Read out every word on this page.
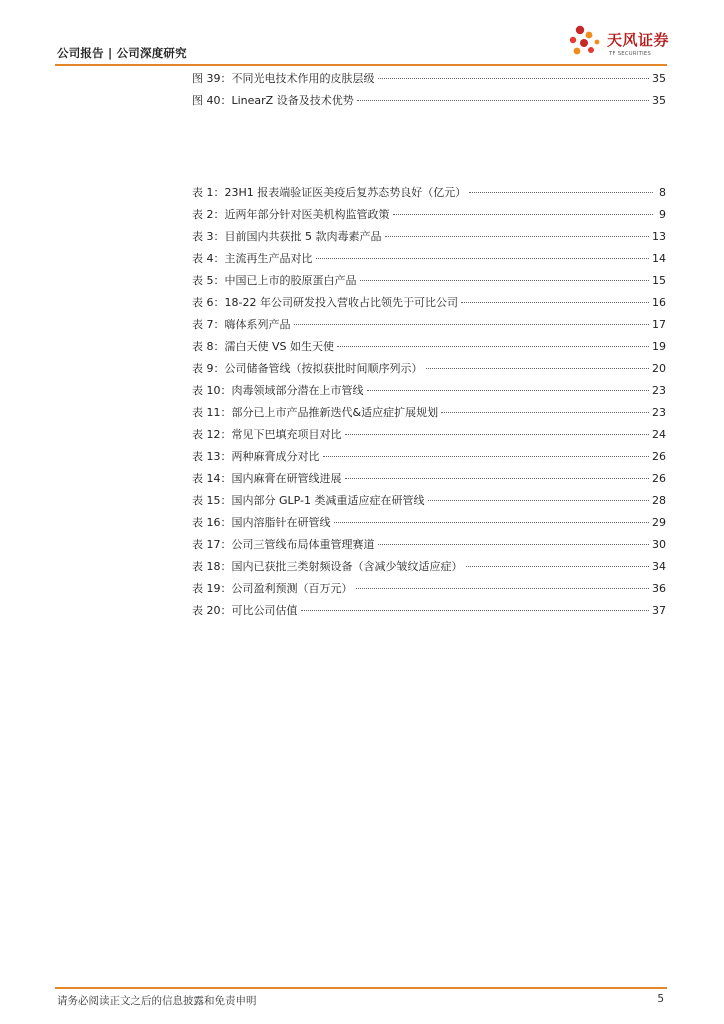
公司报告 | 公司深度研究
天风证券
TF SECURITIES
图 39：不同光电技术作用的皮肤层级	35
图 40：LinearZ 设备及技术优势	35
表 1：23H1 报表端验证医美疫后复苏态势良好（亿元）	8
表 2：近两年部分针对医美机构监管政策	9
表 3：目前国内共获批 5 款肉毒素产品	13
表 4：主流再生产品对比	14
表 5：中国已上市的胶原蛋白产品	15
表 6：18-22 年公司研发投入营收占比领先于可比公司	16
表 7：嗨体系列产品	17
表 8：濡白天使 VS 如生天使	19
表 9：公司储备管线（按拟获批时间顺序列示）	20
表 10：肉毒领域部分潜在上市管线	23
表 11：部分已上市产品推新迭代&适应症扩展规划	23
表 12：常见下巴填充项目对比	24
表 13：两种麻膏成分对比	26
表 14：国内麻膏在研管线进展	26
表 15：国内部分 GLP-1 类减重适应症在研管线	28
表 16：国内溶脂针在研管线	29
表 17：公司三管线布局体重管理赛道	30
表 18：国内已获批三类射频设备（含减少皱纹适应症）	34
表 19：公司盈利预测（百万元）	36
表 20：可比公司估值	37
请务必阅读正文之后的信息披露和免责申明	5
